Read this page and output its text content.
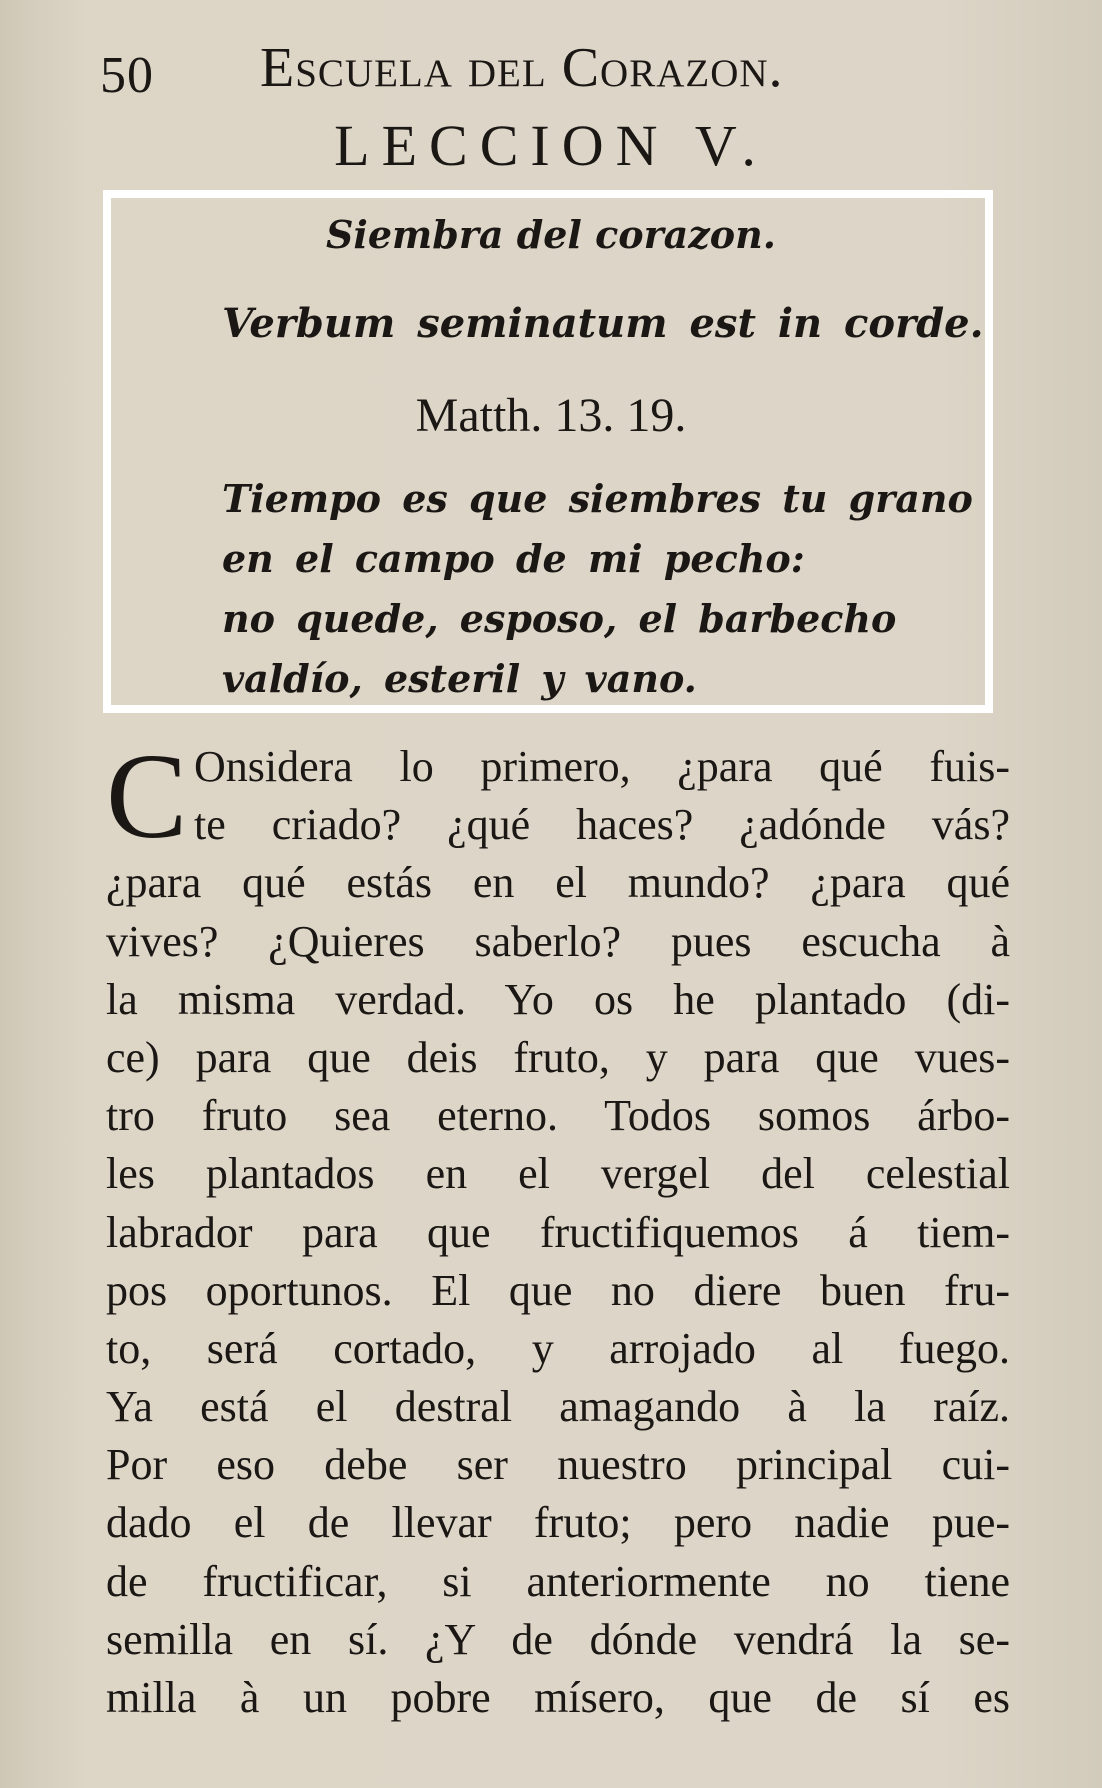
50 Escuela del Corazon.
LECCION V.
Siembra del corazon.
Verbum seminatum est in corde.
Matth. 13. 19.
Tiempo es que siembres tu grano
en el campo de mi pecho:
no quede, esposo, el barbecho
valdío, esteril y vano.
C Onsidera lo primero, ¿para qué fuis-
te criado? ¿qué haces? ¿adónde vás?
¿para qué estás en el mundo? ¿para qué
vives? ¿Quieres saberlo? pues escucha à
la misma verdad. Yo os he plantado (di-
ce) para que deis fruto, y para que vues-
tro fruto sea eterno. Todos somos árbo-
les plantados en el vergel del celestial
labrador para que fructifiquemos á tiem-
pos oportunos. El que no diere buen fru-
to, será cortado, y arrojado al fuego.
Ya está el destral amagando à la raíz.
Por eso debe ser nuestro principal cui-
dado el de llevar fruto; pero nadie pue-
de fructificar, si anteriormente no tiene
semilla en sí. ¿Y de dónde vendrá la se-
milla à un pobre mísero, que de sí es
